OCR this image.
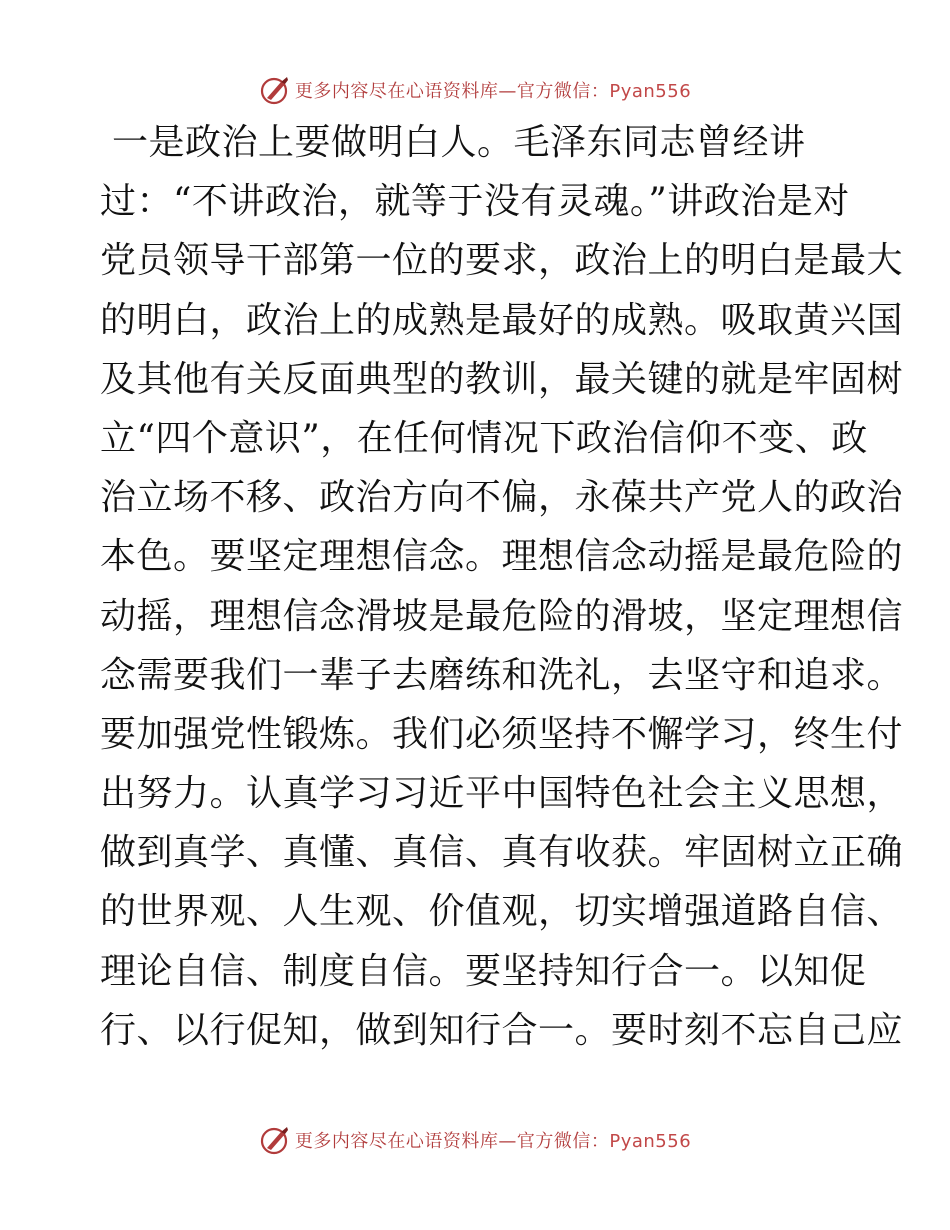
更多内容尽在心语资料库—官方微信：Pyan556
一是政治上要做明白人。毛泽东同志曾经讲
过：“不讲政治，就等于没有灵魂。”讲政治是对
党员领导干部第一位的要求，政治上的明白是最大
的明白，政治上的成熟是最好的成熟。吸取黄兴国
及其他有关反面典型的教训，最关键的就是牢固树
立“四个意识”，在任何情况下政治信仰不变、政
治立场不移、政治方向不偏，永葆共产党人的政治
本色。要坚定理想信念。理想信念动摇是最危险的
动摇，理想信念滑坡是最危险的滑坡，坚定理想信
念需要我们一辈子去磨练和洗礼，去坚守和追求。
要加强党性锻炼。我们必须坚持不懈学习，终生付
出努力。认真学习习近平中国特色社会主义思想，
做到真学、真懂、真信、真有收获。牢固树立正确
的世界观、人生观、价值观，切实增强道路自信、
理论自信、制度自信。要坚持知行合一。以知促
行、以行促知，做到知行合一。要时刻不忘自己应
更多内容尽在心语资料库—官方微信：Pyan556
